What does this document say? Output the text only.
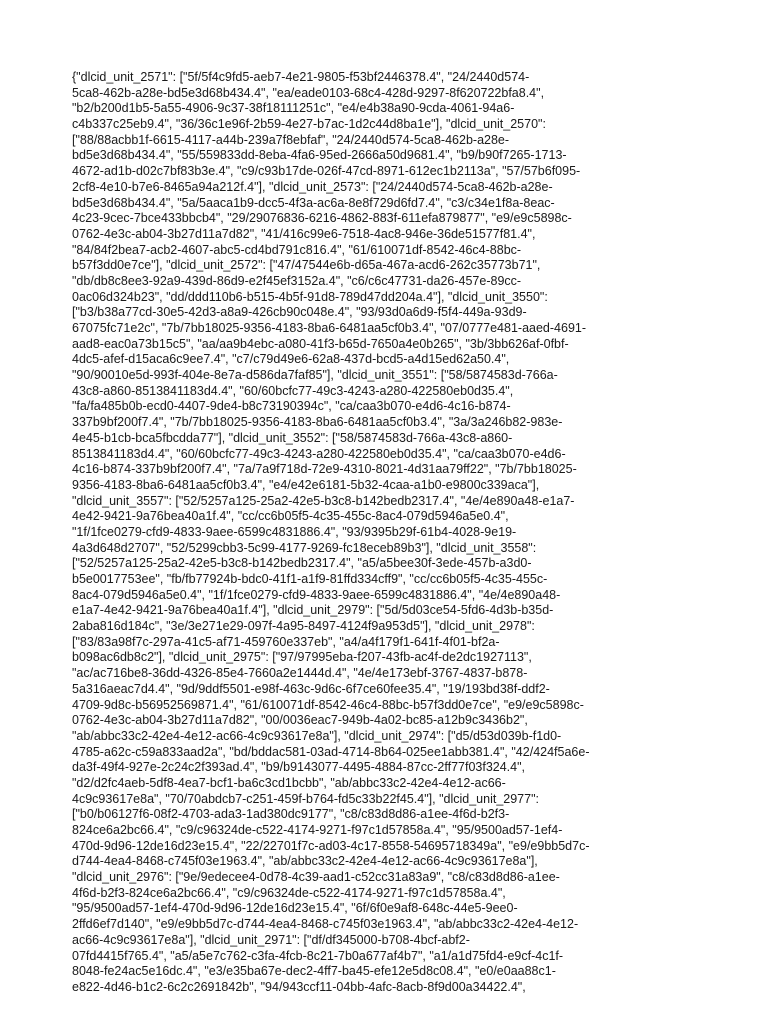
{"dlcid_unit_2571": ["5f/5f4c9fd5-aeb7-4e21-9805-f53bf2446378.4", "24/2440d574-
5ca8-462b-a28e-bd5e3d68b434.4", "ea/eade0103-68c4-428d-9297-8f620722bfa8.4",
"b2/b200d1b5-5a55-4906-9c37-38f18111251c", "e4/e4b38a90-9cda-4061-94a6-
c4b337c25eb9.4", "36/36c1e96f-2b59-4e27-b7ac-1d2c44d8ba1e"], "dlcid_unit_2570":
["88/88acbb1f-6615-4117-a44b-239a7f8ebfaf", "24/2440d574-5ca8-462b-a28e-
bd5e3d68b434.4", "55/559833dd-8eba-4fa6-95ed-2666a50d9681.4", "b9/b90f7265-1713-
4672-ad1b-d02c7bf83b3e.4", "c9/c93b17de-026f-47cd-8971-612ec1b2113a", "57/57b6f095-
2cf8-4e10-b7e6-8465a94a212f.4"], "dlcid_unit_2573": ["24/2440d574-5ca8-462b-a28e-
bd5e3d68b434.4", "5a/5aaca1b9-dcc5-4f3a-ac6a-8e8f729d6fd7.4", "c3/c34e1f8a-8eac-
4c23-9cec-7bce433bbcb4", "29/29076836-6216-4862-883f-611efa879877", "e9/e9c5898c-
0762-4e3c-ab04-3b27d11a7d82", "41/416c99e6-7518-4ac8-946e-36de51577f81.4",
"84/84f2bea7-acb2-4607-abc5-cd4bd791c816.4", "61/610071df-8542-46c4-88bc-
b57f3dd0e7ce"], "dlcid_unit_2572": ["47/47544e6b-d65a-467a-acd6-262c35773b71",
"db/db8c8ee3-92a9-439d-86d9-e2f45ef3152a.4", "c6/c6c47731-da26-457e-89cc-
0ac06d324b23", "dd/ddd110b6-b515-4b5f-91d8-789d47dd204a.4"], "dlcid_unit_3550":
["b3/b38a77cd-30e5-42d3-a8a9-426cb90c048e.4", "93/93d0a6d9-f5f4-449a-93d9-
67075fc71e2c", "7b/7bb18025-9356-4183-8ba6-6481aa5cf0b3.4", "07/0777e481-aaed-4691-
aad8-eac0a73b15c5", "aa/aa9b4ebc-a080-41f3-b65d-7650a4e0b265", "3b/3bb626af-0fbf-
4dc5-afef-d15aca6c9ee7.4", "c7/c79d49e6-62a8-437d-bcd5-a4d15ed62a50.4",
"90/90010e5d-993f-404e-8e7a-d586da7faf85"], "dlcid_unit_3551": ["58/5874583d-766a-
43c8-a860-8513841183d4.4", "60/60bcfc77-49c3-4243-a280-422580eb0d35.4",
"fa/fa485b0b-ecd0-4407-9de4-b8c73190394c", "ca/caa3b070-e4d6-4c16-b874-
337b9bf200f7.4", "7b/7bb18025-9356-4183-8ba6-6481aa5cf0b3.4", "3a/3a246b82-983e-
4e45-b1cb-bca5fbcdda77"], "dlcid_unit_3552": ["58/5874583d-766a-43c8-a860-
8513841183d4.4", "60/60bcfc77-49c3-4243-a280-422580eb0d35.4", "ca/caa3b070-e4d6-
4c16-b874-337b9bf200f7.4", "7a/7a9f718d-72e9-4310-8021-4d31aa79ff22", "7b/7bb18025-
9356-4183-8ba6-6481aa5cf0b3.4", "e4/e42e6181-5b32-4caa-a1b0-e9800c339aca"],
"dlcid_unit_3557": ["52/5257a125-25a2-42e5-b3c8-b142bedb2317.4", "4e/4e890a48-e1a7-
4e42-9421-9a76bea40a1f.4", "cc/cc6b05f5-4c35-455c-8ac4-079d5946a5e0.4",
"1f/1fce0279-cfd9-4833-9aee-6599c4831886.4", "93/9395b29f-61b4-4028-9e19-
4a3d648d2707", "52/5299cbb3-5c99-4177-9269-fc18eceb89b3"], "dlcid_unit_3558":
["52/5257a125-25a2-42e5-b3c8-b142bedb2317.4", "a5/a5bee30f-3ede-457b-a3d0-
b5e0017753ee", "fb/fb77924b-bdc0-41f1-a1f9-81ffd334cff9", "cc/cc6b05f5-4c35-455c-
8ac4-079d5946a5e0.4", "1f/1fce0279-cfd9-4833-9aee-6599c4831886.4", "4e/4e890a48-
e1a7-4e42-9421-9a76bea40a1f.4"], "dlcid_unit_2979": ["5d/5d03ce54-5fd6-4d3b-b35d-
2aba816d184c", "3e/3e271e29-097f-4a95-8497-4124f9a953d5"], "dlcid_unit_2978":
["83/83a98f7c-297a-41c5-af71-459760e337eb", "a4/a4f179f1-641f-4f01-bf2a-
b098ac6db8c2"], "dlcid_unit_2975": ["97/97995eba-f207-43fb-ac4f-de2dc1927113",
"ac/ac716be8-36dd-4326-85e4-7660a2e1444d.4", "4e/4e173ebf-3767-4837-b878-
5a316aeac7d4.4", "9d/9ddf5501-e98f-463c-9d6c-6f7ce60fee35.4", "19/193bd38f-ddf2-
4709-9d8c-b56952569871.4", "61/610071df-8542-46c4-88bc-b57f3dd0e7ce", "e9/e9c5898c-
0762-4e3c-ab04-3b27d11a7d82", "00/0036eac7-949b-4a02-bc85-a12b9c3436b2",
"ab/abbc33c2-42e4-4e12-ac66-4c9c93617e8a"], "dlcid_unit_2974": ["d5/d53d039b-f1d0-
4785-a62c-c59a833aad2a", "bd/bddac581-03ad-4714-8b64-025ee1abb381.4", "42/424f5a6e-
da3f-49f4-927e-2c24c2f393ad.4", "b9/b9143077-4495-4884-87cc-2ff77f03f324.4",
"d2/d2fc4aeb-5df8-4ea7-bcf1-ba6c3cd1bcbb", "ab/abbc33c2-42e4-4e12-ac66-
4c9c93617e8a", "70/70abdcb7-c251-459f-b764-fd5c33b22f45.4"], "dlcid_unit_2977":
["b0/b06127f6-08f2-4703-ada3-1ad380dc9177", "c8/c83d8d86-a1ee-4f6d-b2f3-
824ce6a2bc66.4", "c9/c96324de-c522-4174-9271-f97c1d57858a.4", "95/9500ad57-1ef4-
470d-9d96-12de16d23e15.4", "22/22701f7c-ad03-4c17-8558-54695718349a", "e9/e9bb5d7c-
d744-4ea4-8468-c745f03e1963.4", "ab/abbc33c2-42e4-4e12-ac66-4c9c93617e8a"],
"dlcid_unit_2976": ["9e/9edecee4-0d78-4c39-aad1-c52cc31a83a9", "c8/c83d8d86-a1ee-
4f6d-b2f3-824ce6a2bc66.4", "c9/c96324de-c522-4174-9271-f97c1d57858a.4",
"95/9500ad57-1ef4-470d-9d96-12de16d23e15.4", "6f/6f0e9af8-648c-44e5-9ee0-
2ffd6ef7d140", "e9/e9bb5d7c-d744-4ea4-8468-c745f03e1963.4", "ab/abbc33c2-42e4-4e12-
ac66-4c9c93617e8a"], "dlcid_unit_2971": ["df/df345000-b708-4bcf-abf2-
07fd4415f765.4", "a5/a5e7c762-c3fa-4fcb-8c21-7b0a677af4b7", "a1/a1d75fd4-e9cf-4c1f-
8048-fe24ac5e16dc.4", "e3/e35ba67e-dec2-4ff7-ba45-efe12e5d8c08.4", "e0/e0aa88c1-
e822-4d46-b1c2-6c2c2691842b", "94/943ccf11-04bb-4afc-8acb-8f9d00a34422.4",
